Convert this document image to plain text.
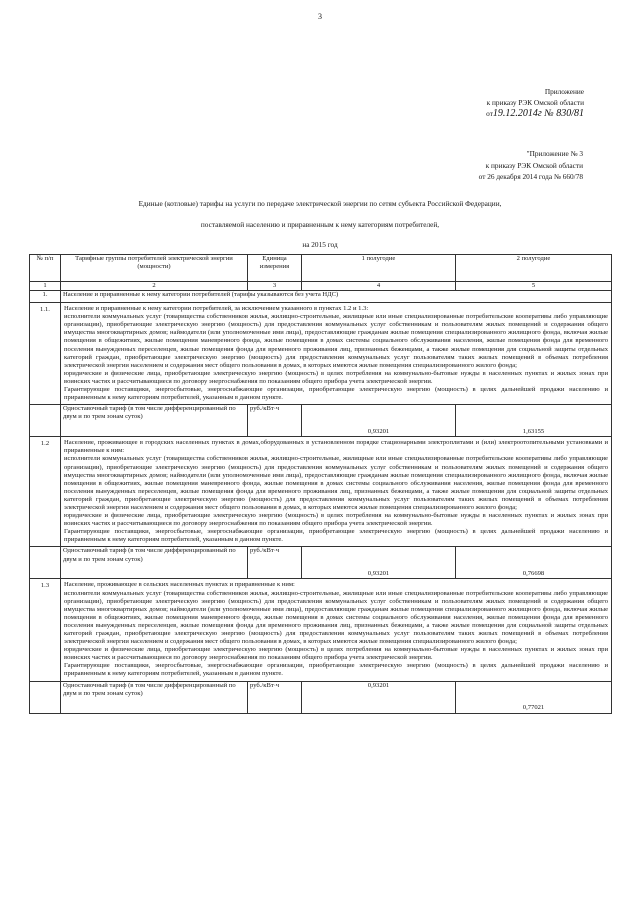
3
Приложение
к приказу РЭК Омской области
от19.12.2014г № 830/81
"Приложение № 3
к приказу РЭК Омской области
от 26 декабря 2014 года № 660/78
Единые (котловые) тарифы на услуги по передаче электрической энергии по сетям субъекта Российской Федерации,
поставляемой населению и приравненным к нему категориям потребителей,
на 2015 год
№ п/п	Тарифные группы потребителей электрической энергии (мощности)	Единица измерения	1 полугодие	2 полугодие
1	2	3	4	5
1.	Население и приравненные к нему категории потребителей (тарифы указываются без учета НДС)			
1.1.	Население и приравненные к нему категории потребителей, за исключением указанного в пунктах 1.2 и 1.3:

исполнители коммунальных услуг (товарищества собственников жилья, жилищно-строительные, жилищные или иные специализированные потребительские кооперативы либо управляющие организации), приобретающие электрическую энергию (мощность) для предоставления коммунальных услуг собственникам и пользователям жилых помещений и содержания общего имущества многоквартирных домов; наймодатели (или уполномоченные ими лица), предоставляющие гражданам жилые помещения специализированного жилищного фонда, включая жилые помещения в общежитиях, жилые помещения маневренного фонда, жилые помещения в домах системы социального обслуживания населения, жилые помещения фонда для временного поселения вынужденных переселенцев, жилые помещения фонда для временного проживания лиц, признанных беженцами, а также жилые помещения для социальной защиты отдельных категорий граждан, приобретающие электрическую энергию (мощность) для предоставления коммунальных услуг пользователям таких жилых помещений в объемах потребления электрической энергии населением и содержания мест общего пользования в домах, в которых имеются жилые помещения специализированного жилого фонда;

юридические и физические лица, приобретающие электрическую энергию (мощность) в целях потребления на коммунально-бытовые нужды в населенных пунктах и жилых зонах при воинских частях и рассчитывающиеся по договору энергоснабжения по показаниям общего прибора учета электрической энергии.

Гарантирующие поставщики, энергосбытовые, энергоснабжающие организации, приобретающие электрическую энергию (мощность) в целях дальнейшей продажи населению и приравненным к нему категориям потребителей, указанным в данном пункте.			

	Одноставочный тариф (в том числе дифференцированный по двум и по трем зонам суток)	руб./кВт·ч	0,93201	1,63155
1.2	Население, проживающее в городских населенных пунктах в домах,оборудованных в установленном порядке стационарными электроплитами и (или) электроотопительными установками и приравненные к ним:

исполнители коммунальных услуг (товарищества собственников жилья, жилищно-строительные, жилищные или иные специализированные потребительские кооперативы либо управляющие организации), приобретающие электрическую энергию (мощность) для предоставления коммунальных услуг собственникам и пользователям жилых помещений и содержания общего имущества многоквартирных домов; наймодатели (или уполномоченные ими лица), предоставляющие гражданам жилые помещения специализированного жилищного фонда, включая жилые помещения в общежитиях, жилые помещения маневренного фонда, жилые помещения в домах системы социального обслуживания населения, жилые помещения фонда для временного поселения вынужденных переселенцев, жилые помещения фонда для временного проживания лиц, признанных беженцами, а также жилые помещения для социальной защиты отдельных категорий граждан, приобретающие электрическую энергию (мощность) для предоставления коммунальных услуг пользователям таких жилых помещений в объемах потребления электрической энергии населением и содержания мест общего пользования в домах, в которых имеются жилые помещения специализированного жилого фонда;

юридические и физические лица, приобретающие электрическую энергию (мощность) в целях потребления на коммунально-бытовые нужды в населенных пунктах и жилых зонах при воинских частях и рассчитывающиеся по договору энергоснабжения по показаниям общего прибора учета электрической энергии.

Гарантирующие поставщики, энергосбытовые, энергоснабжающие организации, приобретающие электрическую энергию (мощность) в целях дальнейшей продажи населению и приравненным к нему категориям потребителей, указанным в данном пункте.			

	Одноставочный тариф (в том числе дифференцированный по двум и по трем зонам суток)	руб./кВт·ч	0,93201	0,76698
1.3	Население, проживающее в сельских населенных пунктах и приравненные к ним:

исполнители коммунальных услуг (товарищества собственников жилья, жилищно-строительные, жилищные или иные специализированные потребительские кооперативы либо управляющие организации), приобретающие электрическую энергию (мощность) для предоставления коммунальных услуг собственникам и пользователям жилых помещений и содержания общего имущества многоквартирных домов; наймодатели (или уполномоченные ими лица), предоставляющие гражданам жилые помещения специализированного жилищного фонда, включая жилые помещения в общежитиях, жилые помещения маневренного фонда, жилые помещения в домах системы социального обслуживания населения, жилые помещения фонда для временного поселения вынужденных переселенцев, жилые помещения фонда для временного проживания лиц, признанных беженцами, а также жилые помещения для социальной защиты отдельных категорий граждан, приобретающие электрическую энергию (мощность) для предоставления коммунальных услуг пользователям таких жилых помещений в объемах потребления электрической энергии населением и содержания мест общего пользования в домах, в которых имеются жилые помещения специализированного жилого фонда;

юридические и физические лица, приобретающие электрическую энергию (мощность) в целях потребления на коммунально-бытовые нужды в населенных пунктах и жилых зонах при воинских частях и рассчитывающиеся по договору энергоснабжения по показаниям общего прибора учета электрической энергии.

Гарантирующие поставщики, энергосбытовые, энергоснабжающие организации, приобретающие электрическую энергию (мощность) в целях дальнейшей продажи населению и приравненным к нему категориям потребителей, указанным в данном пункте.			

	Одноставочный тариф (в том числе дифференцированный по двум и по трем зонам суток)	руб./кВт·ч	0,93201	0,77021
